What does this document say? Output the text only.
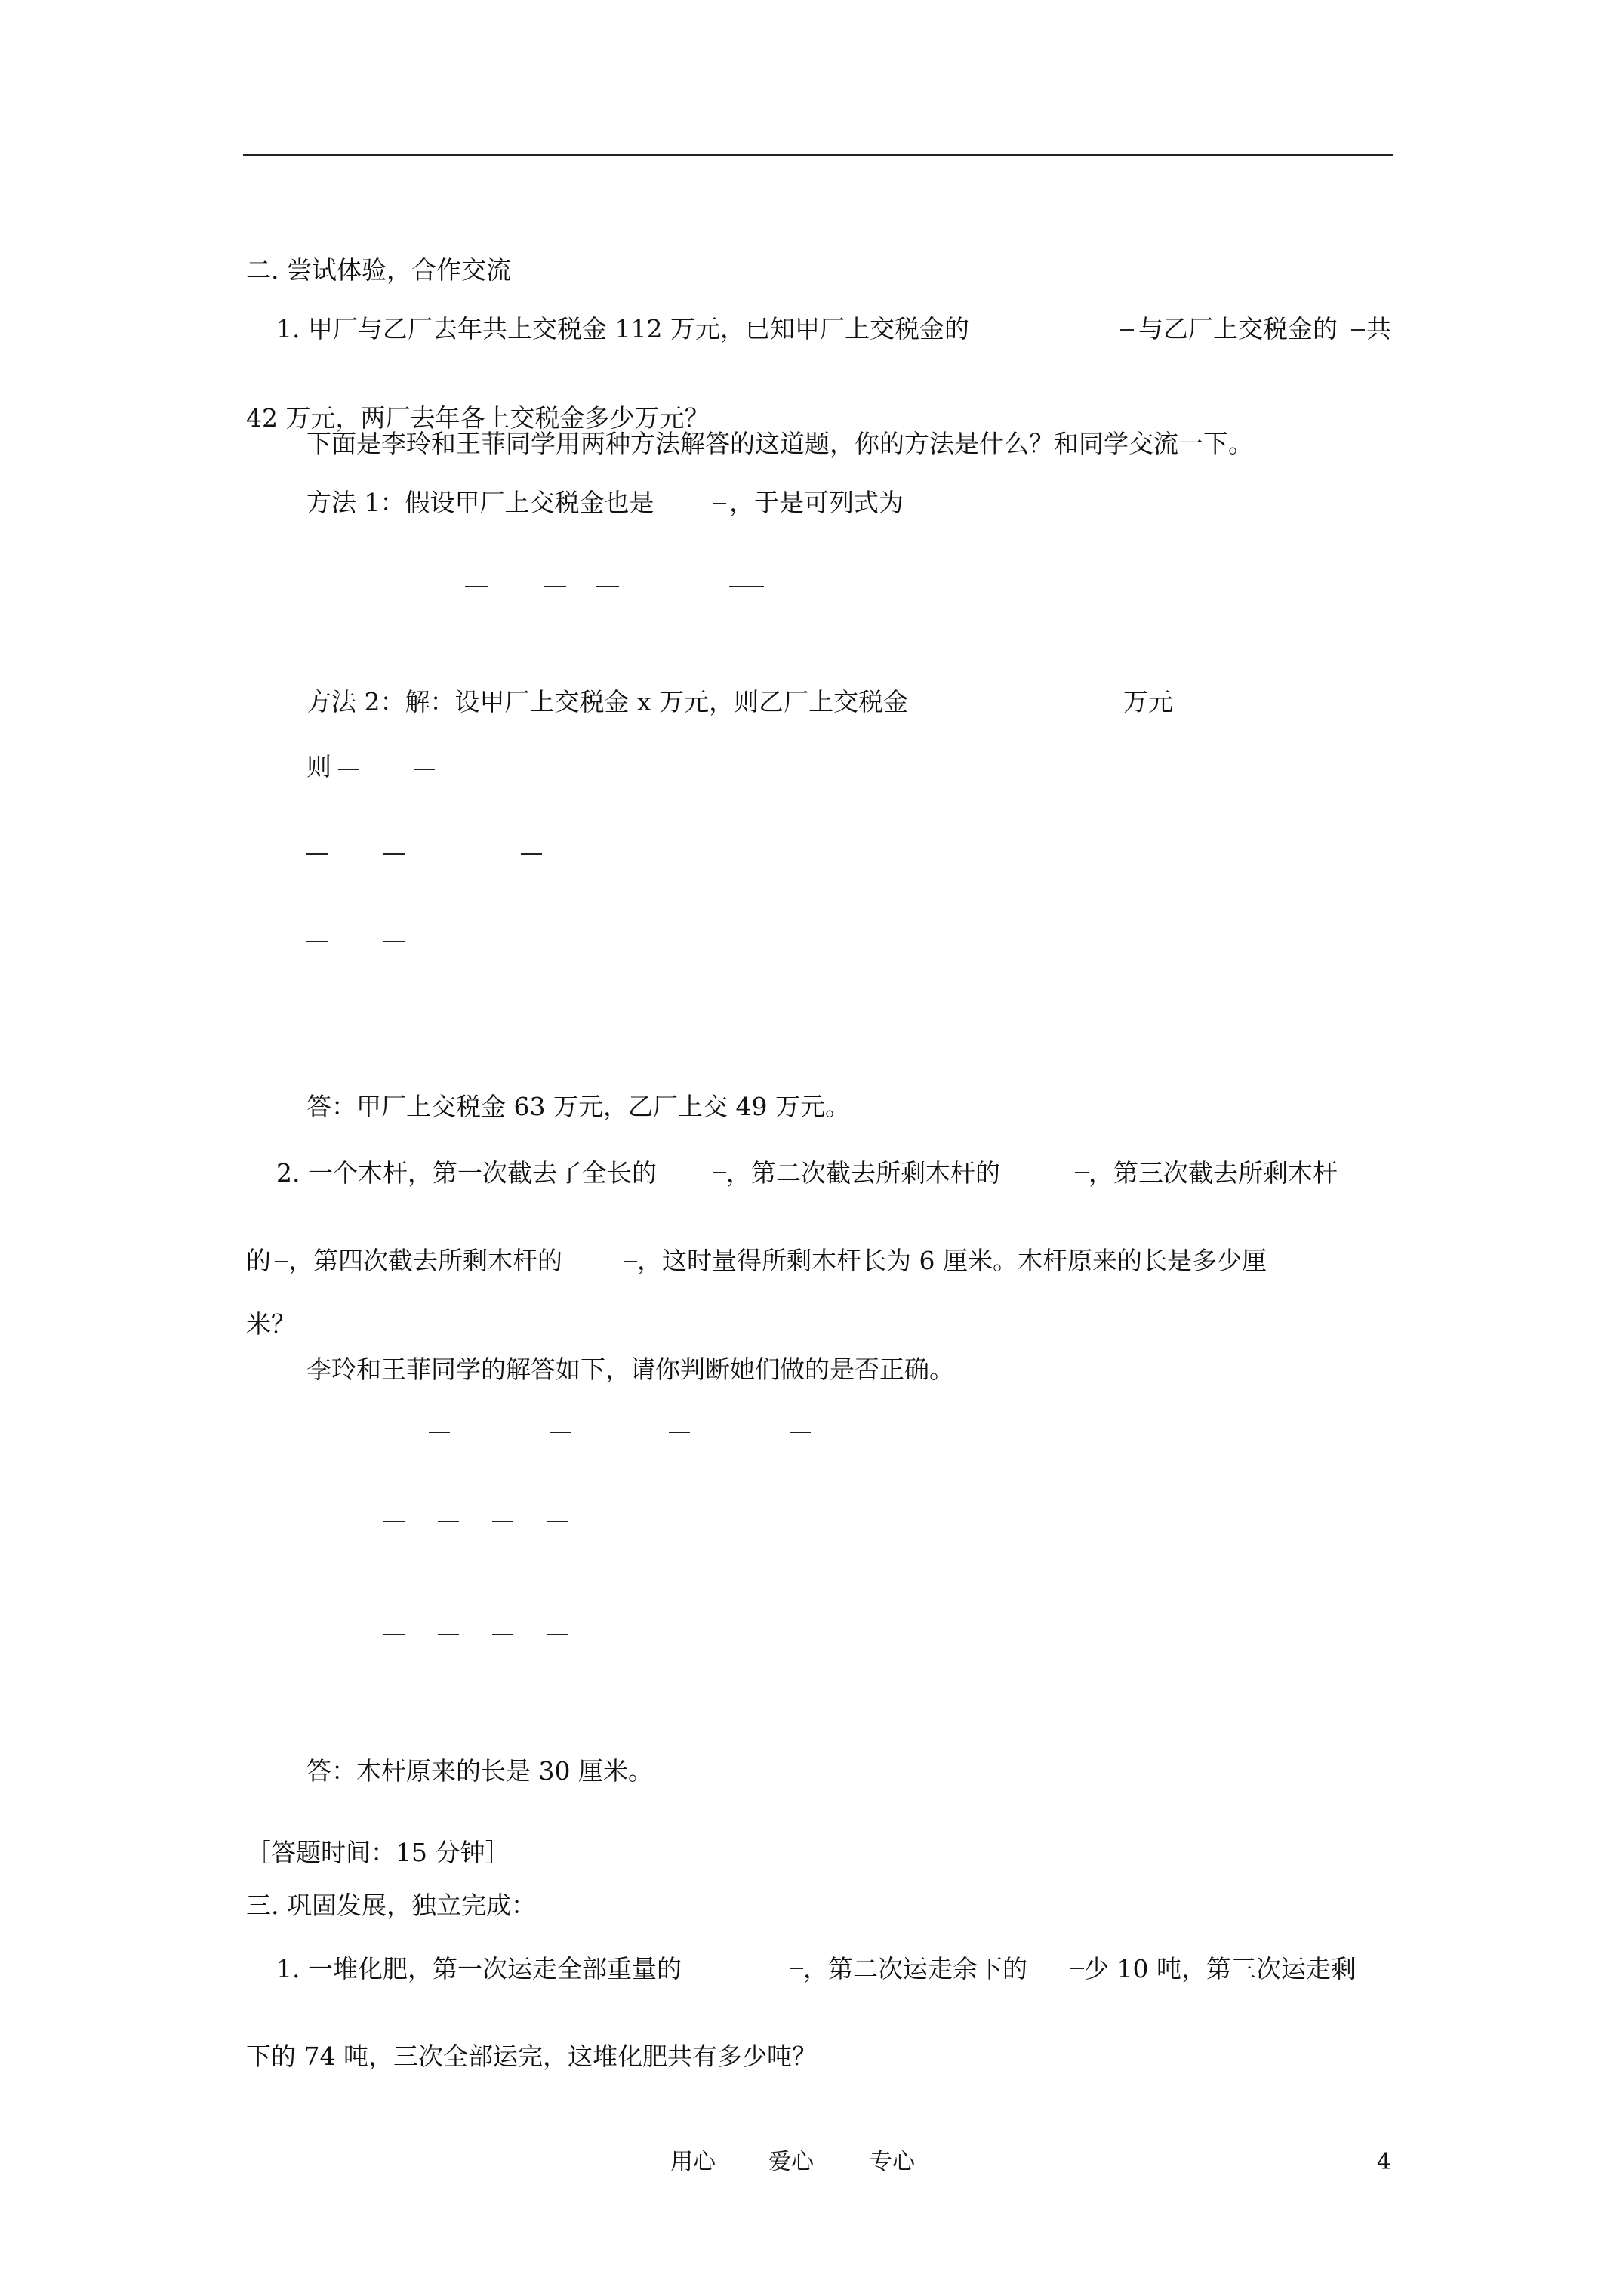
二. 尝试体验，合作交流
1. 甲厂与乙厂去年共上交税金 112 万元，已知甲厂上交税金的	与乙厂上交税金的 共
42 万元，两厂去年各上交税金多少万元？
下面是李玲和王菲同学用两种方法解答的这道题，你的方法是什么？和同学交流一下。
方法 1：假设甲厂上交税金也是	，于是可列式为
方法 2：解：设甲厂上交税金 x 万元，则乙厂上交税金	万元
则
答：甲厂上交税金 63 万元，乙厂上交 49 万元。
2. 一个木杆，第一次截去了全长的	，第二次截去所剩木杆的	，第三次截去所剩木杆
的 ，第四次截去所剩木杆的	，这时量得所剩木杆长为 6 厘米。木杆原来的长是多少厘
米？
李玲和王菲同学的解答如下，请你判断她们做的是否正确。
答：木杆原来的长是 30 厘米。
［答题时间：15 分钟］
三. 巩固发展，独立完成：
1. 一堆化肥，第一次运走全部重量的	，第二次运走余下的 少 10 吨，第三次运走剩
下的 74 吨，三次全部运完，这堆化肥共有多少吨？
用心 爱心 专心	4
